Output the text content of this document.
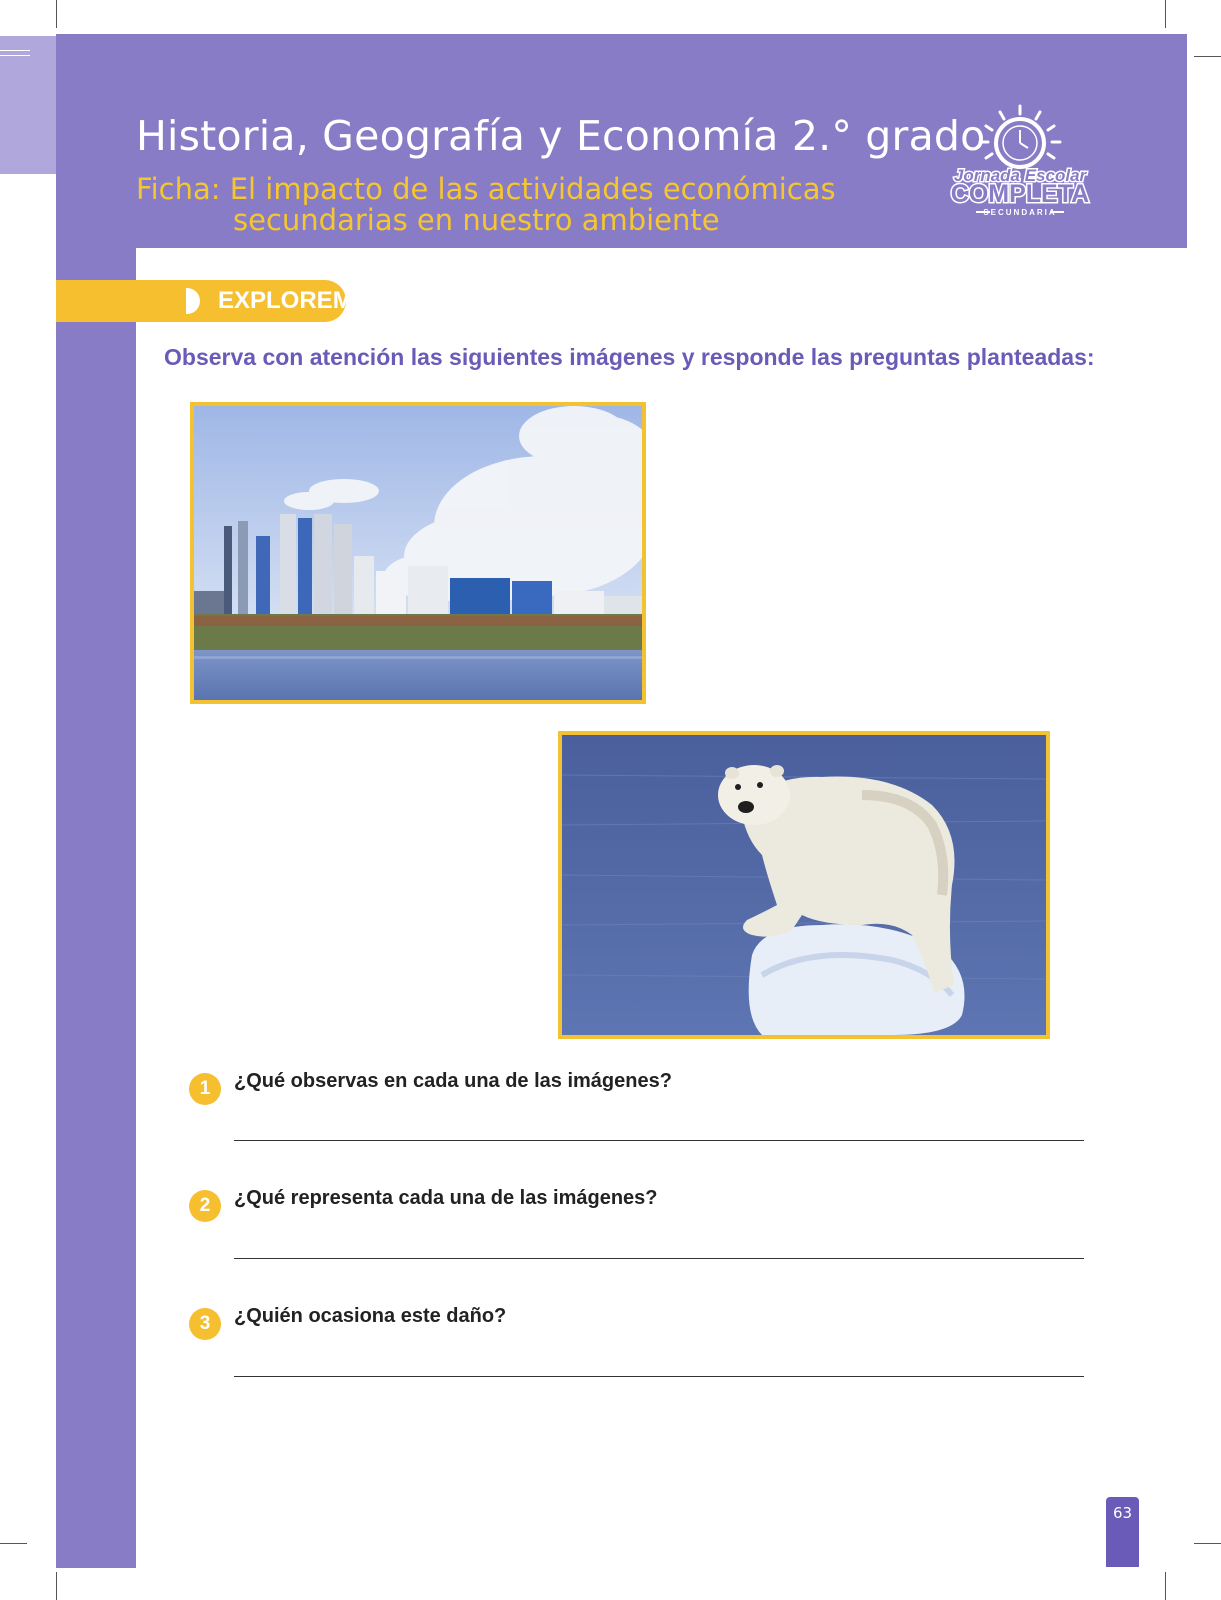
Historia, Geografía y Economía 2.° grado
Ficha: El impacto de las actividades económicas
secundarias en nuestro ambiente
Jornada Escolar
COMPLETA
SECUNDARIA
EXPLOREMOS
Observa con atención las siguientes imágenes y responde las preguntas planteadas:
1	¿Qué observas en cada una de las imágenes?
2	¿Qué representa cada una de las imágenes?
3	¿Quién ocasiona este daño?
63
